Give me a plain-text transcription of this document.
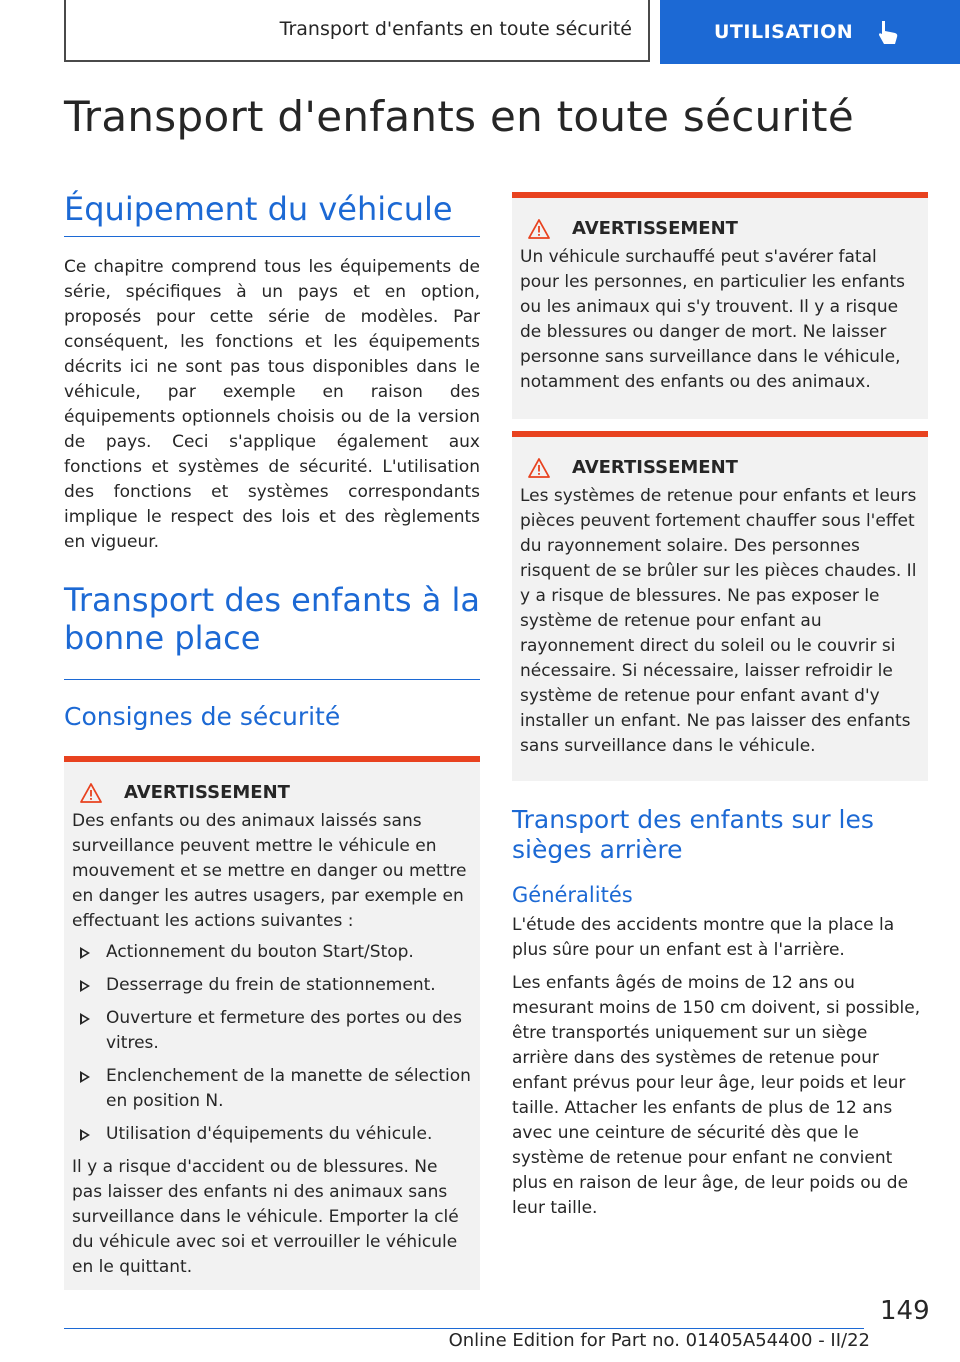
Transport d'enfants en toute sécurité	UTILISATION
Transport d'enfants en toute sécurité
Équipement du véhicule

Ce chapitre comprend tous les équipements de série, spécifiques à un pays et en option, proposés pour cette série de modèles. Par conséquent, les fonctions et les équipements décrits ici ne sont pas tous disponibles dans le véhicule, par exemple en raison des équipements optionnels choisis ou de la version de pays. Ceci s'applique également aux fonctions et systèmes de sécurité. L'utilisation des fonctions et systèmes correspondants implique le respect des lois et des règlements en vigueur.

Transport des enfants à la bonne place
Consignes de sécurité
AVERTISSEMENT
Des enfants ou des animaux laissés sans surveillance peuvent mettre le véhicule en mouvement et se mettre en danger ou mettre en danger les autres usagers, par exemple en effectuant les actions suivantes :
Actionnement du bouton Start/Stop.
Desserrage du frein de stationnement.
Ouverture et fermeture des portes ou des vitres.
Enclenchement de la manette de sélection en position N.
Utilisation d'équipements du véhicule.
Il y a risque d'accident ou de blessures. Ne pas laisser des enfants ni des animaux sans surveillance dans le véhicule. Emporter la clé du véhicule avec soi et verrouiller le véhicule en le quittant.
AVERTISSEMENT
Un véhicule surchauffé peut s'avérer fatal pour les personnes, en particulier les enfants ou les animaux qui s'y trouvent. Il y a risque de blessures ou danger de mort. Ne laisser personne sans surveillance dans le véhicule, notamment des enfants ou des animaux.
AVERTISSEMENT
Les systèmes de retenue pour enfants et leurs pièces peuvent fortement chauffer sous l'effet du rayonnement solaire. Des personnes risquent de se brûler sur les pièces chaudes. Il y a risque de blessures. Ne pas exposer le système de retenue pour enfant au rayonnement direct du soleil ou le couvrir si nécessaire. Si nécessaire, laisser refroidir le système de retenue pour enfant avant d'y installer un enfant. Ne pas laisser des enfants sans surveillance dans le véhicule.
Transport des enfants sur les sièges arrière
Généralités

L'étude des accidents montre que la place la plus sûre pour un enfant est à l'arrière.

Les enfants âgés de moins de 12 ans ou mesurant moins de 150 cm doivent, si possible, être transportés uniquement sur un siège arrière dans des systèmes de retenue pour enfant prévus pour leur âge, leur poids et leur taille. Attacher les enfants de plus de 12 ans avec une ceinture de sécurité dès que le système de retenue pour enfant ne convient plus en raison de leur âge, de leur poids ou de leur taille.

149
Online Edition for Part no. 01405A54400 - II/22
